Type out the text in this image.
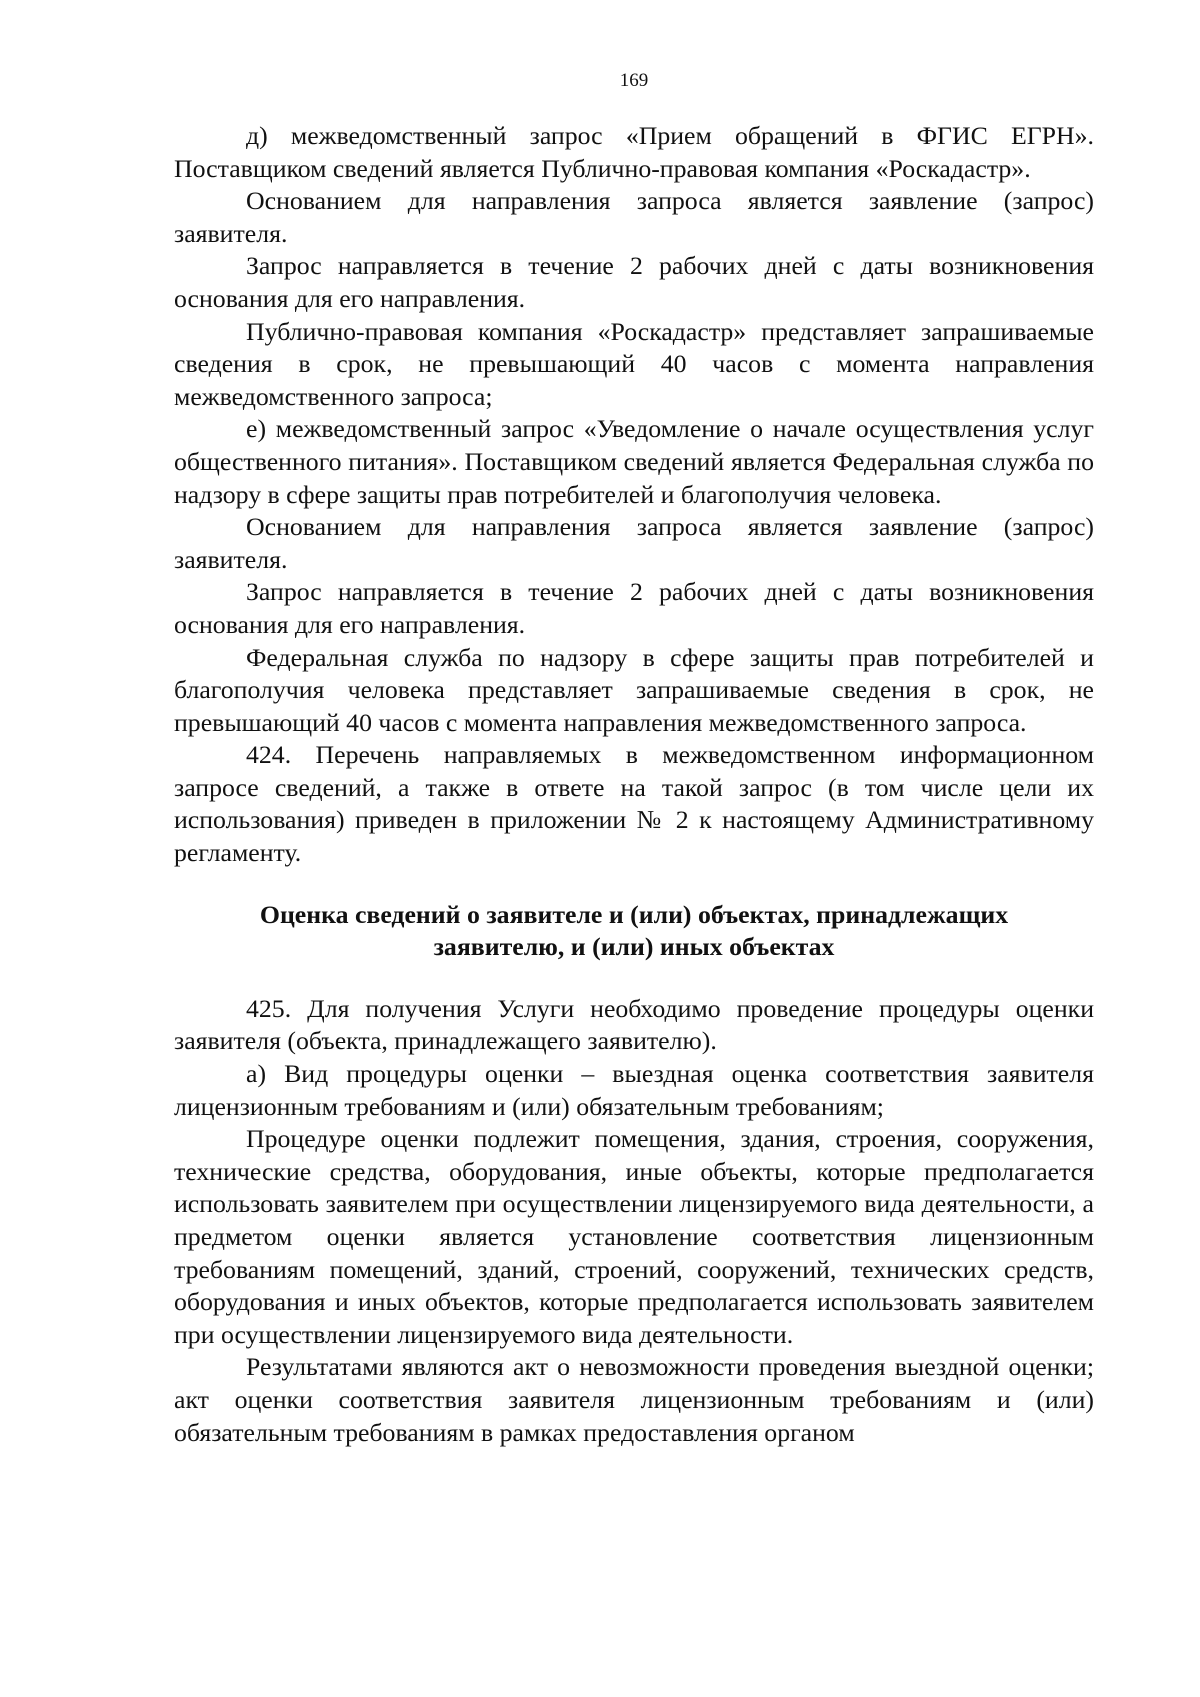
169

д) межведомственный запрос «Прием обращений в ФГИС ЕГРН». Поставщиком сведений является Публично-правовая компания «Роскадастр».

Основанием для направления запроса является заявление (запрос) заявителя.

Запрос направляется в течение 2 рабочих дней с даты возникновения основания для его направления.

Публично-правовая компания «Роскадастр» представляет запрашиваемые сведения в срок, не превышающий 40 часов с момента направления межведомственного запроса;

е) межведомственный запрос «Уведомление о начале осуществления услуг общественного питания». Поставщиком сведений является Федеральная служба по надзору в сфере защиты прав потребителей и благополучия человека.

Основанием для направления запроса является заявление (запрос) заявителя.

Запрос направляется в течение 2 рабочих дней с даты возникновения основания для его направления.

Федеральная служба по надзору в сфере защиты прав потребителей и благополучия человека представляет запрашиваемые сведения в срок, не превышающий 40 часов с момента направления межведомственного запроса.

424. Перечень направляемых в межведомственном информационном запросе сведений, а также в ответе на такой запрос (в том числе цели их использования) приведен в приложении № 2 к настоящему Административному регламенту.

Оценка сведений о заявителе и (или) объектах, принадлежащих
заявителю, и (или) иных объектах

425. Для получения Услуги необходимо проведение процедуры оценки заявителя (объекта, принадлежащего заявителю).

а) Вид процедуры оценки – выездная оценка соответствия заявителя лицензионным требованиям и (или) обязательным требованиям;

Процедуре оценки подлежит помещения, здания, строения, сооружения, технические средства, оборудования, иные объекты, которые предполагается использовать заявителем при осуществлении лицензируемого вида деятельности, а предметом оценки является установление соответствия лицензионным требованиям помещений, зданий, строений, сооружений, технических средств, оборудования и иных объектов, которые предполагается использовать заявителем при осуществлении лицензируемого вида деятельности.

Результатами являются акт о невозможности проведения выездной оценки; акт оценки соответствия заявителя лицензионным требованиям и (или) обязательным требованиям в рамках предоставления органом
